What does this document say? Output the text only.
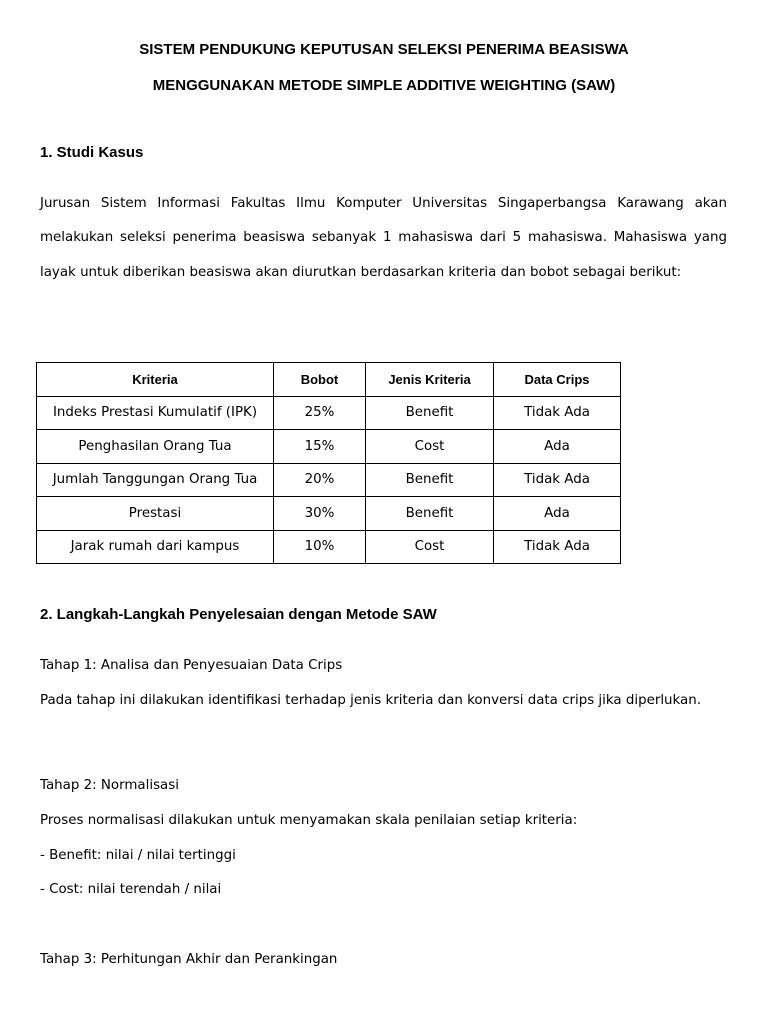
SISTEM PENDUKUNG KEPUTUSAN SELEKSI PENERIMA BEASISWA
MENGGUNAKAN METODE SIMPLE ADDITIVE WEIGHTING (SAW)
1. Studi Kasus
Jurusan Sistem Informasi Fakultas Ilmu Komputer Universitas Singaperbangsa Karawang akan melakukan seleksi penerima beasiswa sebanyak 1 mahasiswa dari 5 mahasiswa. Mahasiswa yang layak untuk diberikan beasiswa akan diurutkan berdasarkan kriteria dan bobot sebagai berikut:
Kriteria	Bobot	Jenis Kriteria	Data Crips
Indeks Prestasi Kumulatif (IPK)	25%	Benefit	Tidak Ada
Penghasilan Orang Tua	15%	Cost	Ada
Jumlah Tanggungan Orang Tua	20%	Benefit	Tidak Ada
Prestasi	30%	Benefit	Ada
Jarak rumah dari kampus	10%	Cost	Tidak Ada
2. Langkah-Langkah Penyelesaian dengan Metode SAW
Tahap 1: Analisa dan Penyesuaian Data Crips
Pada tahap ini dilakukan identifikasi terhadap jenis kriteria dan konversi data crips jika diperlukan.
Tahap 2: Normalisasi
Proses normalisasi dilakukan untuk menyamakan skala penilaian setiap kriteria:
- Benefit: nilai / nilai tertinggi
- Cost: nilai terendah / nilai
Tahap 3: Perhitungan Akhir dan Perankingan
